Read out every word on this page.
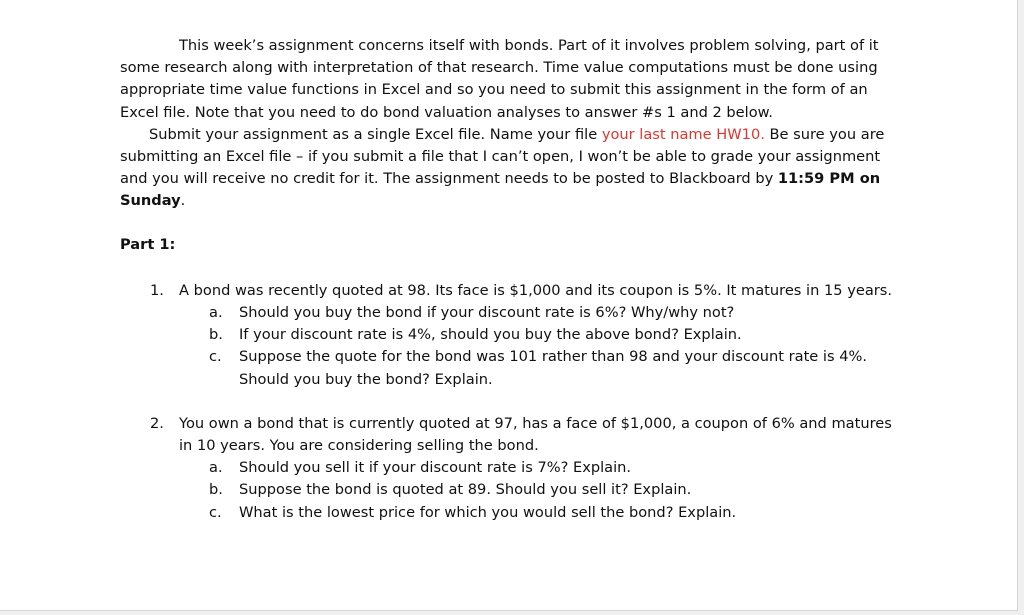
This week’s assignment concerns itself with bonds. Part of it involves problem solving, part of it some research along with interpretation of that research. Time value computations must be done using appropriate time value functions in Excel and so you need to submit this assignment in the form of an Excel file. Note that you need to do bond valuation analyses to answer #s 1 and 2 below.

Submit your assignment as a single Excel file. Name your file your last name HW10. Be sure you are submitting an Excel file – if you submit a file that I can’t open, I won’t be able to grade your assignment and you will receive no credit for it. The assignment needs to be posted to Blackboard by 11:59 PM on Sunday.

Part 1:

1. A bond was recently quoted at 98. Its face is $1,000 and its coupon is 5%. It matures in 15 years.
a. Should you buy the bond if your discount rate is 6%? Why/why not?
b. If your discount rate is 4%, should you buy the above bond? Explain.
c. Suppose the quote for the bond was 101 rather than 98 and your discount rate is 4%. Should you buy the bond? Explain.
2. You own a bond that is currently quoted at 97, has a face of $1,000, a coupon of 6% and matures in 10 years. You are considering selling the bond.
a. Should you sell it if your discount rate is 7%? Explain.
b. Suppose the bond is quoted at 89. Should you sell it? Explain.
c. What is the lowest price for which you would sell the bond? Explain.
